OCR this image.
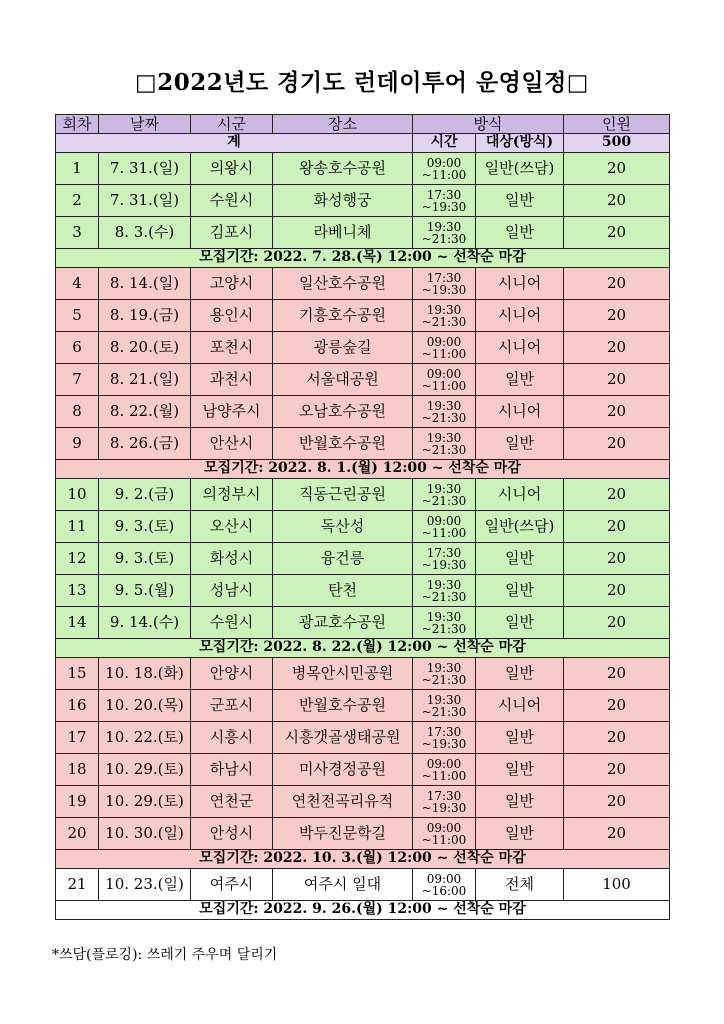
□2022년도 경기도 런데이투어 운영일정□
회차	날짜	시군	장소	방식		인원
계				시간	대상(방식)	500
1	7. 31.(일)	의왕시	왕송호수공원	09:00
~11:00	일반(쓰담)	20
2	7. 31.(일)	수원시	화성행궁	17:30
~19:30	일반	20
3	8. 3.(수)	김포시	라베니체	19:30
~21:30	일반	20
모집기간: 2022. 7. 28.(목) 12:00 ~ 선착순 마감						
4	8. 14.(일)	고양시	일산호수공원	17:30
~19:30	시니어	20
5	8. 19.(금)	용인시	기흥호수공원	19:30
~21:30	시니어	20
6	8. 20.(토)	포천시	광릉숲길	09:00
~11:00	시니어	20
7	8. 21.(일)	과천시	서울대공원	09:00
~11:00	일반	20
8	8. 22.(월)	남양주시	오남호수공원	19:30
~21:30	시니어	20
9	8. 26.(금)	안산시	반월호수공원	19:30
~21:30	일반	20
모집기간: 2022. 8. 1.(월) 12:00 ~ 선착순 마감						
10	9. 2.(금)	의정부시	직동근린공원	19:30
~21:30	시니어	20
11	9. 3.(토)	오산시	독산성	09:00
~11:00	일반(쓰담)	20
12	9. 3.(토)	화성시	융건릉	17:30
~19:30	일반	20
13	9. 5.(월)	성남시	탄천	19:30
~21:30	일반	20
14	9. 14.(수)	수원시	광교호수공원	19:30
~21:30	일반	20
모집기간: 2022. 8. 22.(월) 12:00 ~ 선착순 마감						
15	10. 18.(화)	안양시	병목안시민공원	19:30
~21:30	일반	20
16	10. 20.(목)	군포시	반월호수공원	19:30
~21:30	시니어	20
17	10. 22.(토)	시흥시	시흥갯골생태공원	17:30
~19:30	일반	20
18	10. 29.(토)	하남시	미사경정공원	09:00
~11:00	일반	20
19	10. 29.(토)	연천군	연천전곡리유적	17:30
~19:30	일반	20
20	10. 30.(일)	안성시	박두진문학길	09:00
~11:00	일반	20
모집기간: 2022. 10. 3.(월) 12:00 ~ 선착순 마감						
21	10. 23.(일)	여주시	여주시 일대	09:00
~16:00	전체	100
모집기간: 2022. 9. 26.(월) 12:00 ~ 선착순 마감						
*쓰담(플로깅): 쓰레기 주우며 달리기
